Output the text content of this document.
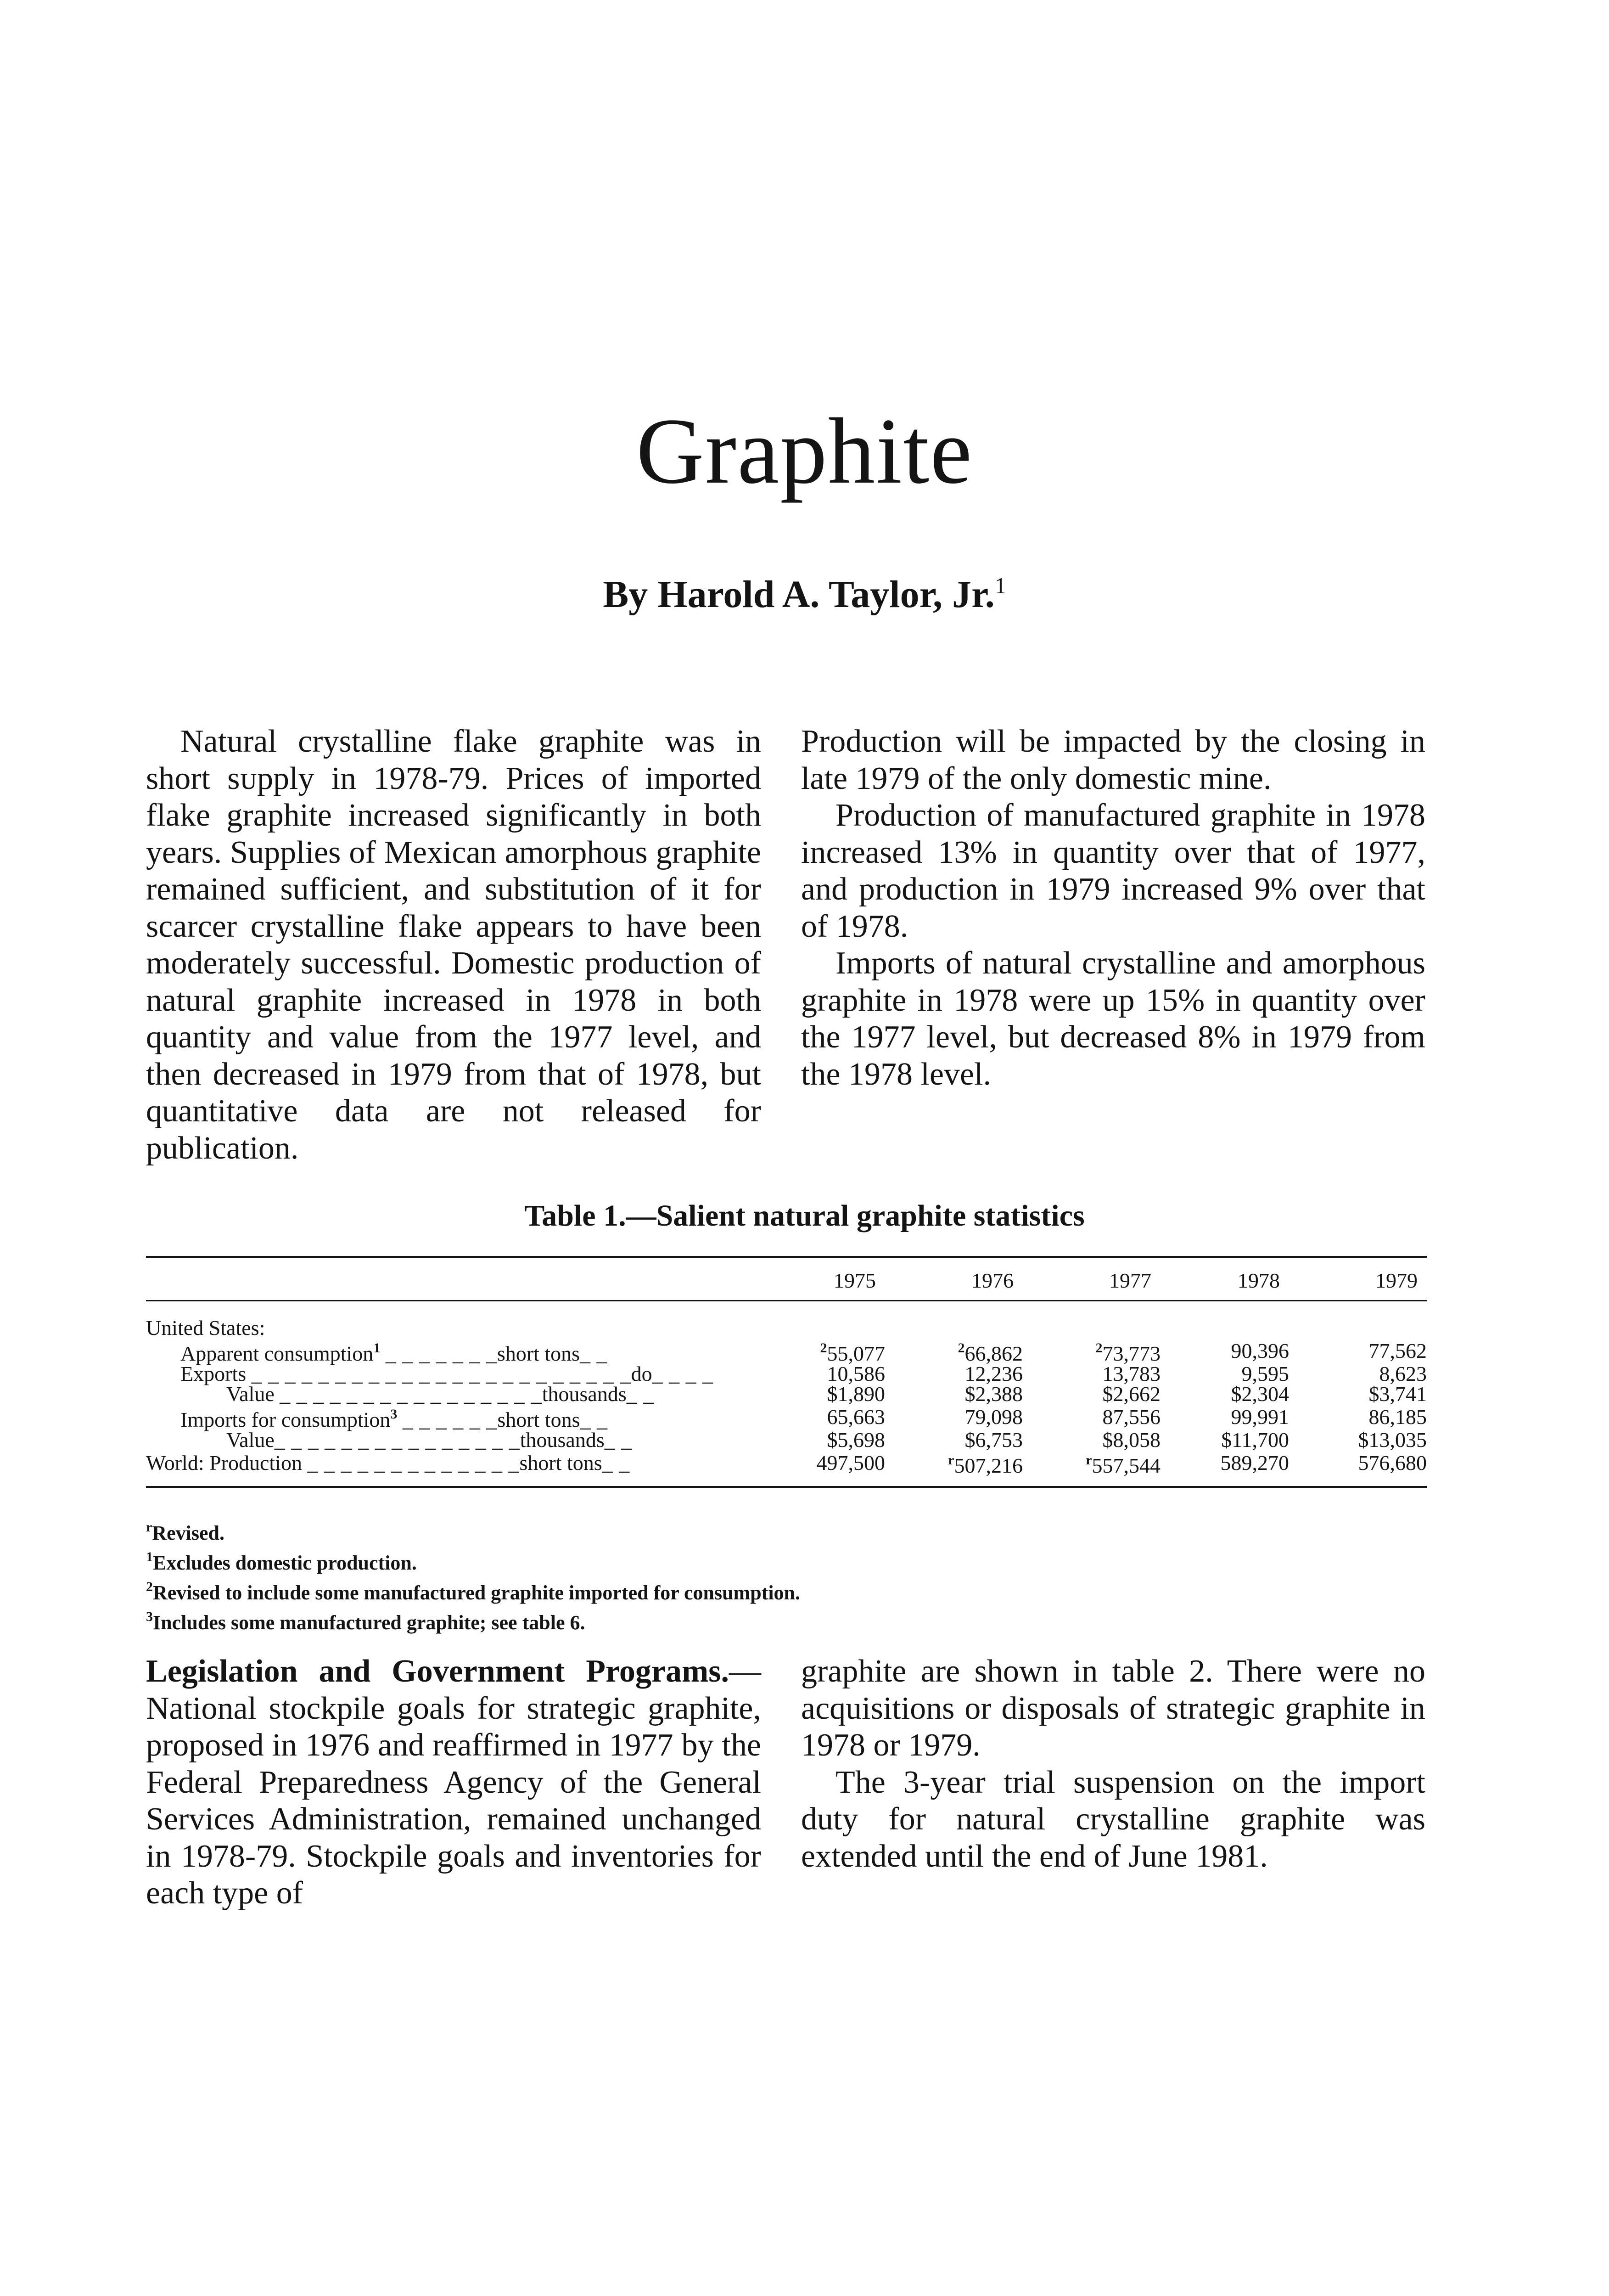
Graphite
By Harold A. Taylor, Jr.$^1$

Natural crystalline flake graphite was in short sᴜpply in 1978-79. Prices of imported flake graphite increased significantly in both years. Supplies of Mexican amorphous graphite remained sufficient, and substitution of it for scarcer crystalline flake appears to have been moderately successful. Domestic production of natural graphite increased in 1978 in both quantity and value from the 1977 level, and then decreased in 1979 from that of 1978, but quantitative data are not released for publication.

Production will be impacted by the closing in late 1979 of the only domestic mine.

Production of manufactured graphite in 1978 increased 13% in quantity over that of 1977, and production in 1979 increased 9% over that of 1978.

Imports of natural crystalline and amorphous graphite in 1978 were up 15% in quantity over the 1977 level, but decreased 8% in 1979 from the 1978 level.

Table 1.—Salient natural graphite statistics
	1975	1976	1977	1978	1979
United States:					
Apparent consumption$^1$ _ _ _ _ _ _ _short tons_ _	$^2$55,077	$^2$66,862	$^2$73,773	90,396	77,562
Exports _ _ _ _ _ _ _ _ _ _ _ _ _ _ _ _ _ _ _ _ _ _ _do_ _ _ _	10,586	12,236	13,783	9,595	8,623
Value _ _ _ _ _ _ _ _ _ _ _ _ _ _ _ _thousands_ _	$1,890	$2,388	$2,662	$2,304	$3,741
Imports for consumption$^3$ _ _ _ _ _ _short tons_ _	65,663	79,098	87,556	99,991	86,185
Value_ _ _ _ _ _ _ _ _ _ _ _ _ _ _thousands_ _	$5,698	$6,753	$8,058	$11,700	$13,035
World: Production _ _ _ _ _ _ _ _ _ _ _ _ _short tons_ _	497,500	$^r$507,216	$^r$557,544	589,270	576,680
$^r$Revised.
$^1$Excludes domestic production.
$^2$Revised to include some manufactured graphite imported for consumption.
$^3$Includes some manufactured graphite; see table 6.

Legislation and Government Programs.—National stockpile goals for strategic graphite, proposed in 1976 and reaffirmed in 1977 by the Federal Preparedness Agency of the General Services Administration, remained unchanged in 1978-79. Stockpile goals and inventories for each type of

graphite are shown in table 2. There were no acquisitions or disposals of strategic graphite in 1978 or 1979.

The 3-year trial suspension on the import duty for natural crystalline graphite was extended until the end of June 1981.
